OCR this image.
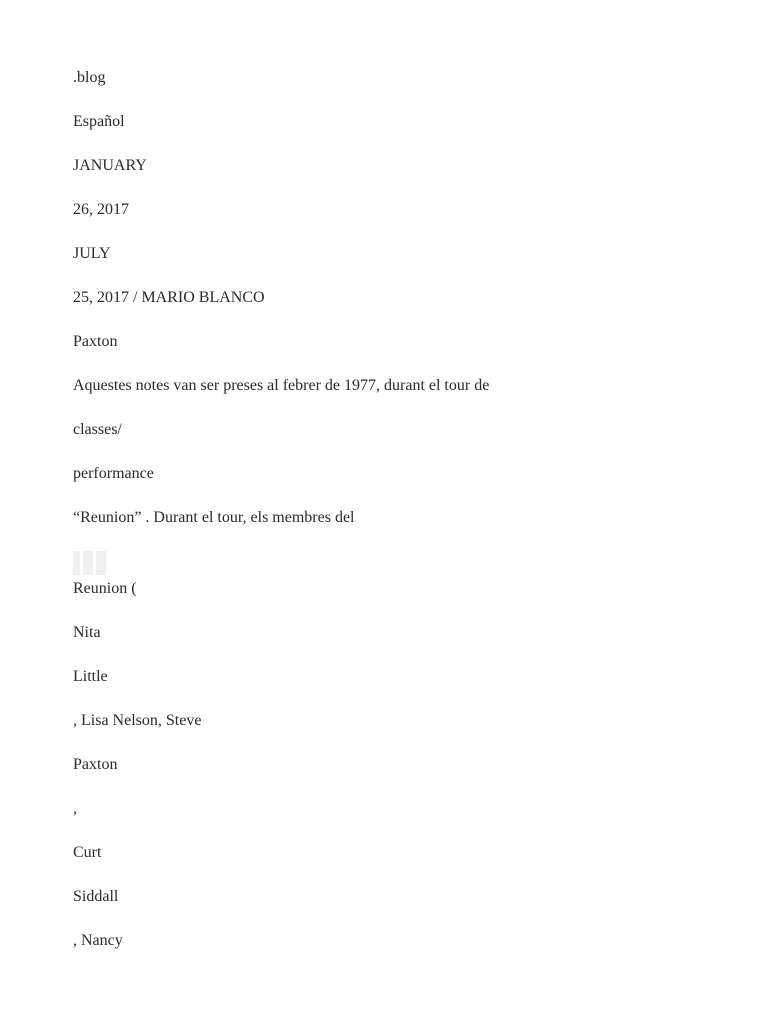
.blog
Español
JANUARY
26, 2017
JULY
25, 2017 / MARIO BLANCO
Paxton
Aquestes notes van ser preses al febrer de 1977, durant el tour de
classes/
performance
“Reunion” . Durant el tour, els membres del
Reunion (
Nita
Little
, Lisa Nelson, Steve
Paxton
,
Curt
Siddall
, Nancy
